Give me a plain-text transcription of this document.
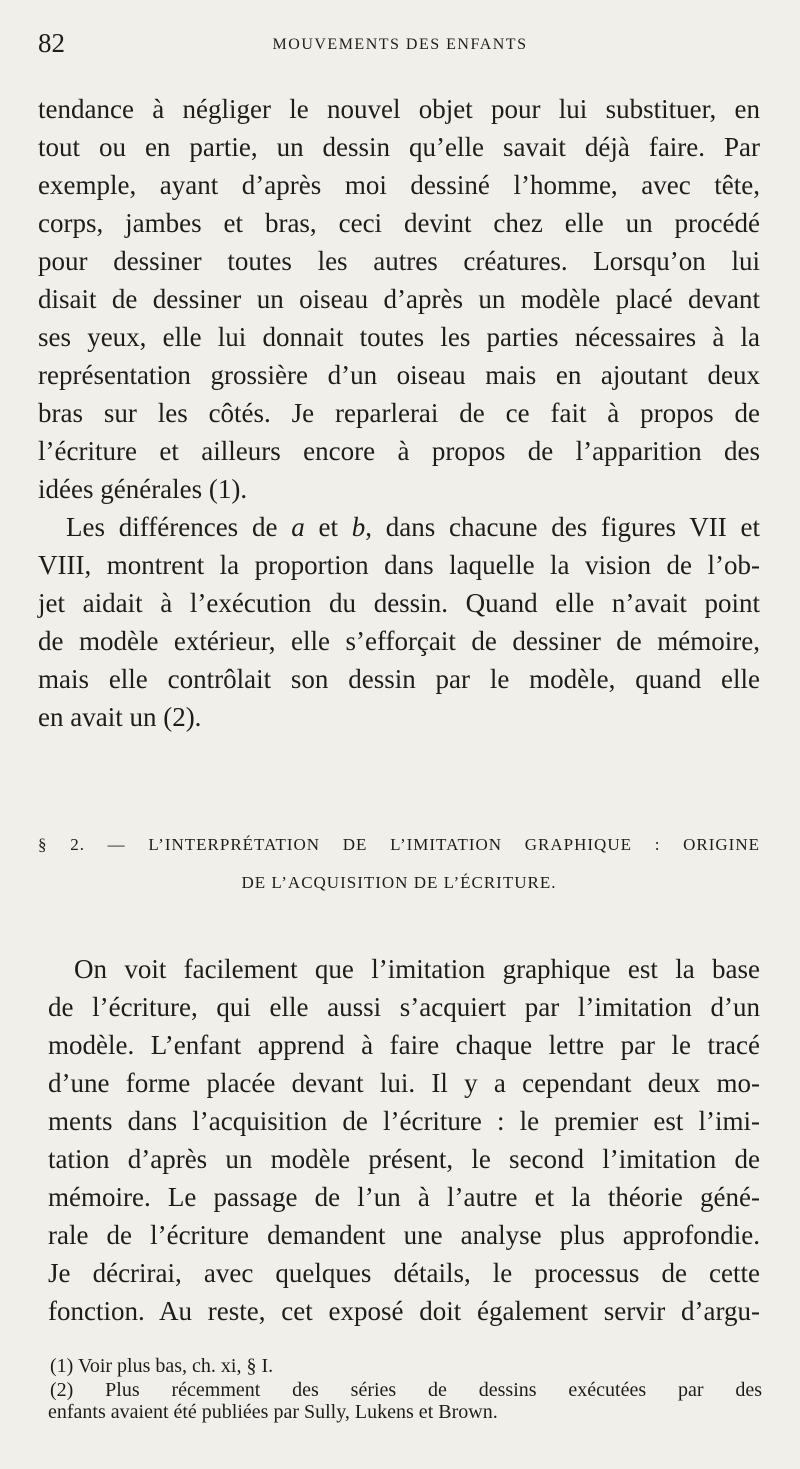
82	MOUVEMENTS DES ENFANTS
tendance à négliger le nouvel objet pour lui substituer, en
tout ou en partie, un dessin qu’elle savait déjà faire. Par
exemple, ayant d’après moi dessiné l’homme, avec tête,
corps, jambes et bras, ceci devint chez elle un procédé
pour dessiner toutes les autres créatures. Lorsqu’on lui
disait de dessiner un oiseau d’après un modèle placé devant
ses yeux, elle lui donnait toutes les parties nécessaires à la
représentation grossière d’un oiseau mais en ajoutant deux
bras sur les côtés. Je reparlerai de ce fait à propos de
l’écriture et ailleurs encore à propos de l’apparition des
idées générales (1).
Les différences de a et b, dans chacune des figures VII et
VIII, montrent la proportion dans laquelle la vision de l’ob-
jet aidait à l’exécution du dessin. Quand elle n’avait point
de modèle extérieur, elle s’efforçait de dessiner de mémoire,
mais elle contrôlait son dessin par le modèle, quand elle
en avait un (2).
§ 2. — L’INTERPRÉTATION DE L’IMITATION GRAPHIQUE : ORIGINE
DE L’ACQUISITION DE L’ÉCRITURE.
On voit facilement que l’imitation graphique est la base
de l’écriture, qui elle aussi s’acquiert par l’imitation d’un
modèle. L’enfant apprend à faire chaque lettre par le tracé
d’une forme placée devant lui. Il y a cependant deux mo-
ments dans l’acquisition de l’écriture : le premier est l’imi-
tation d’après un modèle présent, le second l’imitation de
mémoire. Le passage de l’un à l’autre et la théorie géné-
rale de l’écriture demandent une analyse plus approfondie.
Je décrirai, avec quelques détails, le processus de cette
fonction. Au reste, cet exposé doit également servir d’argu-
(1) Voir plus bas, ch. xi, § I.
(2) Plus récemment des séries de dessins exécutées par des
enfants avaient été publiées par Sully, Lukens et Brown.
